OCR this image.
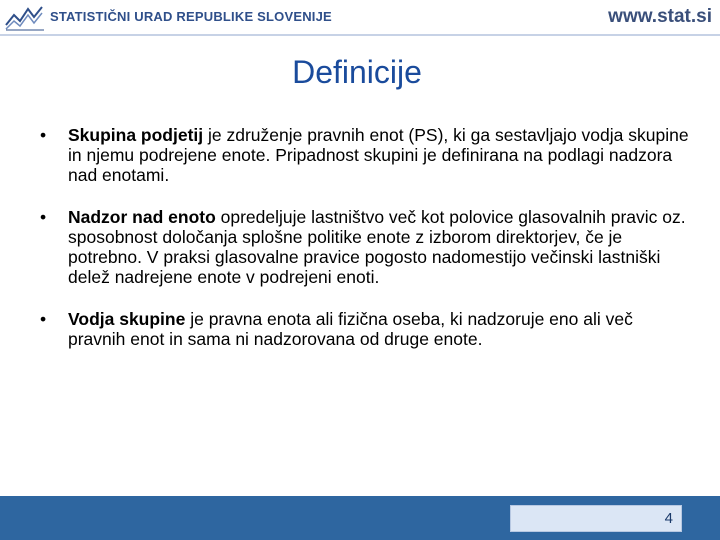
STATISTIČNI URAD REPUBLIKE SLOVENIJE	www.stat.si
Definicije
•	Skupina podjetij je združenje pravnih enot (PS), ki ga sestavljajo vodja skupine in njemu podrejene enote. Pripadnost skupini je definirana na podlagi nadzora nad enotami.
•	Nadzor nad enoto opredeljuje lastništvo več kot polovice glasovalnih pravic oz. sposobnost določanja splošne politike enote z izborom direktorjev, če je potrebno. V praksi glasovalne pravice pogosto nadomestijo večinski lastniški delež nadrejene enote v podrejeni enoti.
•	Vodja skupine je pravna enota ali fizična oseba, ki nadzoruje eno ali več pravnih enot in sama ni nadzorovana od druge enote.
4
